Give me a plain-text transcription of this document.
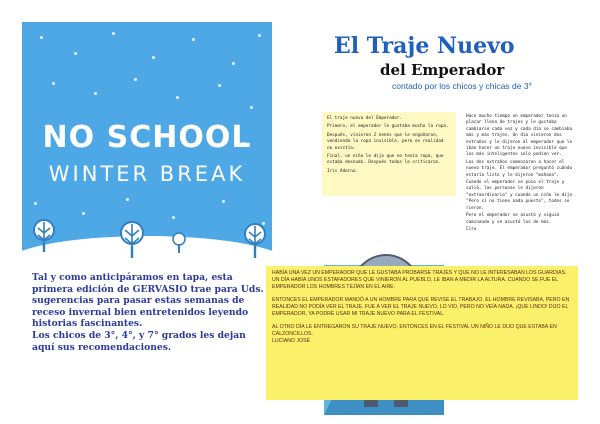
NO SCHOOL
WINTER BREAK

Tal y como anticipáramos en tapa, esta primera edición de GERVASIO trae para Uds. sugerencias para pasar estas semanas de receso invernal bien entretenidos leyendo historias fascinantes.

Los chicos de 3°, 4°, y 7° grados les dejan aquí sus recomendaciones.

El Traje Nuevo
del Emperador
contado por los chicos y chicas de 3°

El traje nuevo del Emperador.

Primero, el emperador le gustaba mucho la ropa.

Después, vinieron 2 nenes que le engañaron, vendiendo la ropa invisible, pero en realidad no existía.

Final, un niño le dijo que no tenía ropa, que estaba desnudo. Después todos le criticaron.

Iris Adorno.

Hace mucho tiempo un emperador tenía un placar lleno de trajes y le gustaba cambiarse cada vez y cada día se cambiaba más y más trajes. Un día vinieron dos extraños y le dijeron al emperador que le iban hacer un traje nuevo invisible que los más inteligentes solo podían ver.

Los dos extraños comenzaron a hacer el nuevo traje. El emperador preguntó cuándo estaría listo y le dijeron "mañana".

Cuando el emperador se puso el traje y salió, las personas le dijeron "extraordinario" y cuando un niño le dijo "Pero si no tiene nada puesto", todos se rieron.

Pero el emperador se asustó y siguió caminando y se asustó los de más.

Ciro

HABÍA UNA VEZ UN EMPERADOR QUE LE GUSTABA PROBARSE TRAJES Y QUE NO LE INTERESABAN LOS GUARDIAS. UN DÍA HABÍA UNOS ESTAFADORES QUE VINIERON AL PUEBLO, LE IBAN A MEDIR LA ALTURA. CUANDO SE FUE EL EMPERADOR LOS HOMBRES TEJÍAN EN EL AIRE.

ENTONCES EL EMPERADOR MANDÓ A UN HOMBRE PARA QUE REVISE EL TRABAJO. EL HOMBRE REVISABA, PERO EN REALIDAD NO PODÍA VER EL TRAJE. FUE A VER EL TRAJE NUEVO, LO VIO, PERO NO VEÍA NADA. ¡QUE LINDO! DIJO EL EMPERADOR, YA PODRÉ USAR MI TRAJE NUEVO PARA EL FESTIVAL.

AL OTRO DÍA LE ENTREGARON SU TRAJE NUEVO, ENTONCES EN EL FESTIVAL UN NIÑO LE DIJO QUE ESTABA EN CALZONCILLOS.

LUCIANO JOSÉ
